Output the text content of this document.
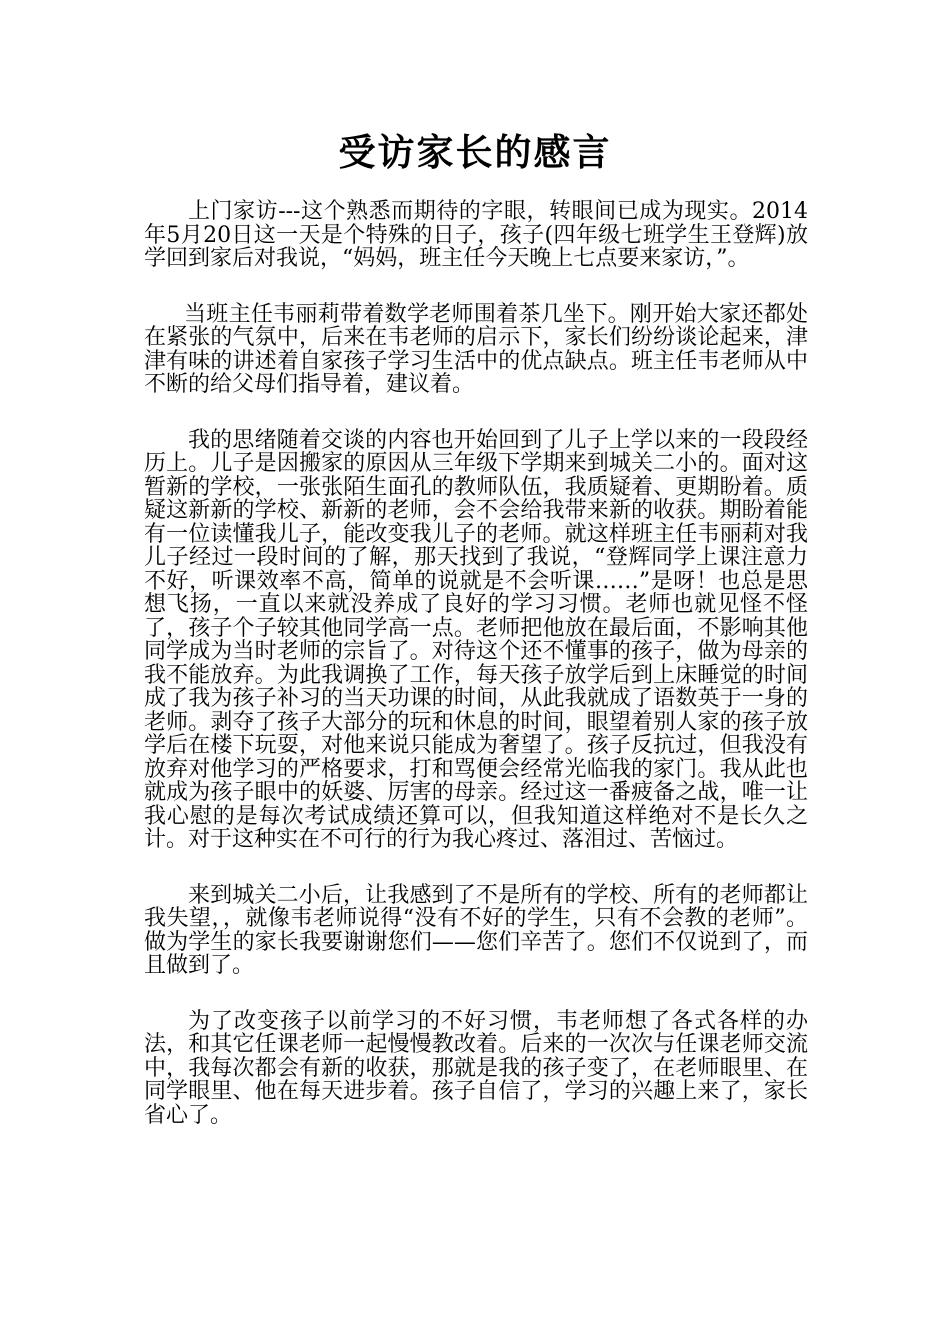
受访家长的感言

上门家访---这个熟悉而期待的字眼，转眼间已成为现实。2014年5月20日这一天是个特殊的日子，孩子(四年级七班学生王登辉)放学回到家后对我说，“妈妈，班主任今天晚上七点要来家访，”。

当班主任韦丽莉带着数学老师围着茶几坐下。刚开始大家还都处在紧张的气氛中，后来在韦老师的启示下，家长们纷纷谈论起来，津津有味的讲述着自家孩子学习生活中的优点缺点。班主任韦老师从中不断的给父母们指导着，建议着。

我的思绪随着交谈的内容也开始回到了儿子上学以来的一段段经历上。儿子是因搬家的原因从三年级下学期来到城关二小的。面对这暂新的学校，一张张陌生面孔的教师队伍，我质疑着、更期盼着。质疑这新新的学校、新新的老师，会不会给我带来新的收获。期盼着能有一位读懂我儿子，能改变我儿子的老师。就这样班主任韦丽莉对我儿子经过一段时间的了解，那天找到了我说，“登辉同学上课注意力不好，听课效率不高，简单的说就是不会听课……”是呀！也总是思想飞扬，一直以来就没养成了良好的学习习惯。老师也就见怪不怪了，孩子个子较其他同学高一点。老师把他放在最后面，不影响其他同学成为当时老师的宗旨了。对待这个还不懂事的孩子，做为母亲的我不能放弃。为此我调换了工作，每天孩子放学后到上床睡觉的时间成了我为孩子补习的当天功课的时间，从此我就成了语数英于一身的老师。剥夺了孩子大部分的玩和休息的时间，眼望着别人家的孩子放学后在楼下玩耍，对他来说只能成为奢望了。孩子反抗过，但我没有放弃对他学习的严格要求，打和骂便会经常光临我的家门。我从此也就成为孩子眼中的妖婆、厉害的母亲。经过这一番疲备之战，唯一让我心慰的是每次考试成绩还算可以，但我知道这样绝对不是长久之计。对于这种实在不可行的行为我心疼过、落泪过、苦恼过。

来到城关二小后，让我感到了不是所有的学校、所有的老师都让我失望，，就像韦老师说得“没有不好的学生，只有不会教的老师”。做为学生的家长我要谢谢您们——您们辛苦了。您们不仅说到了，而且做到了。

为了改变孩子以前学习的不好习惯，韦老师想了各式各样的办法，和其它任课老师一起慢慢教改着。后来的一次次与任课老师交流中，我每次都会有新的收获，那就是我的孩子变了，在老师眼里、在同学眼里、他在每天进步着。孩子自信了，学习的兴趣上来了，家长省心了。
